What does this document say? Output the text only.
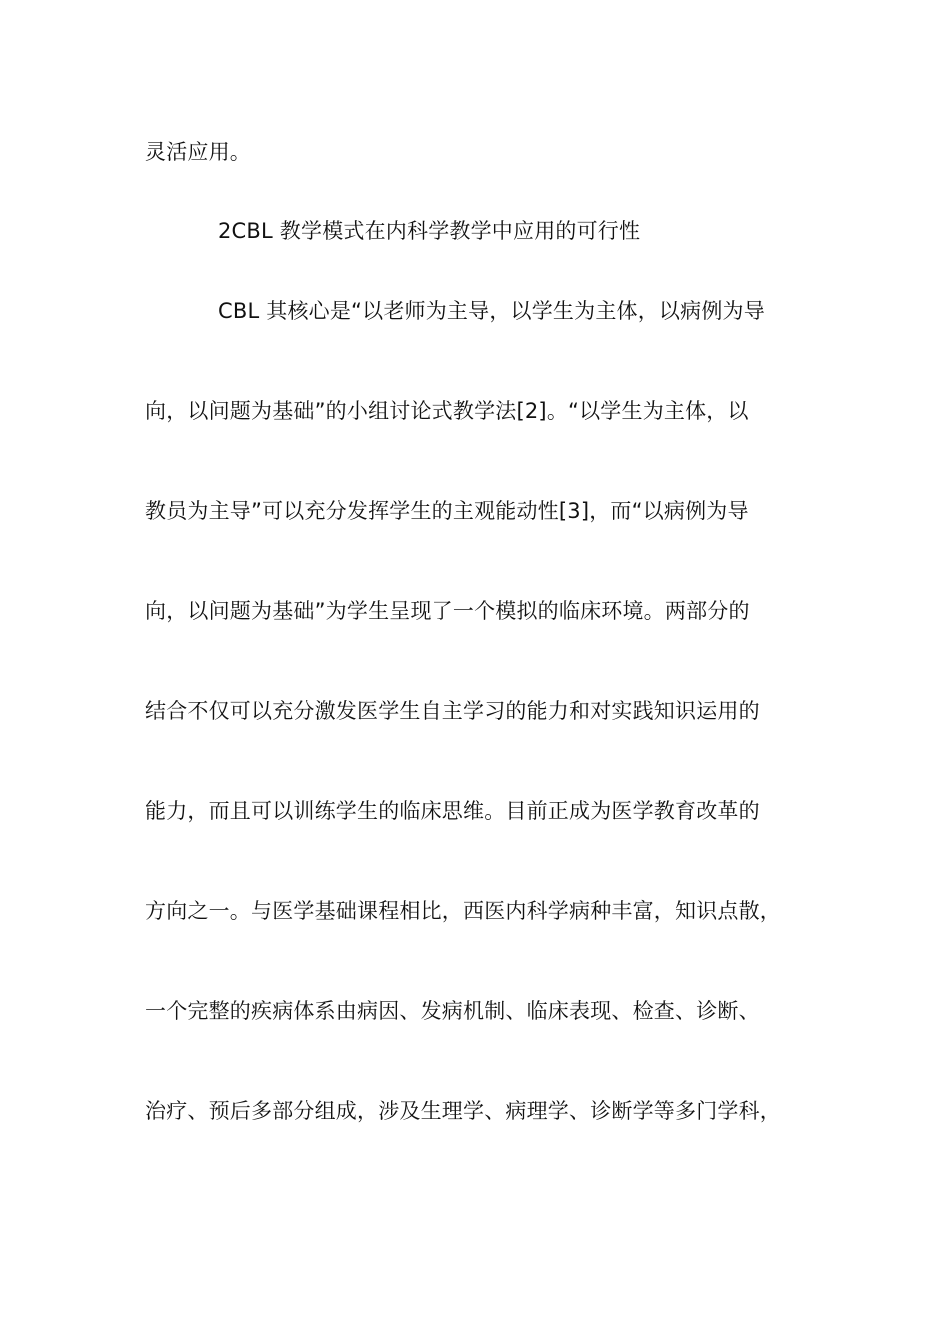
灵活应用。
2CBL 教学模式在内科学教学中应用的可行性
CBL 其核心是“以老师为主导，以学生为主体，以病例为导
向，以问题为基础”的小组讨论式教学法[2]。“以学生为主体，以
教员为主导”可以充分发挥学生的主观能动性[3]，而“以病例为导
向，以问题为基础”为学生呈现了一个模拟的临床环境。两部分的
结合不仅可以充分激发医学生自主学习的能力和对实践知识运用的
能力，而且可以训练学生的临床思维。目前正成为医学教育改革的
方向之一。与医学基础课程相比，西医内科学病种丰富，知识点散，
一个完整的疾病体系由病因、发病机制、临床表现、检查、诊断、
治疗、预后多部分组成，涉及生理学、病理学、诊断学等多门学科，
